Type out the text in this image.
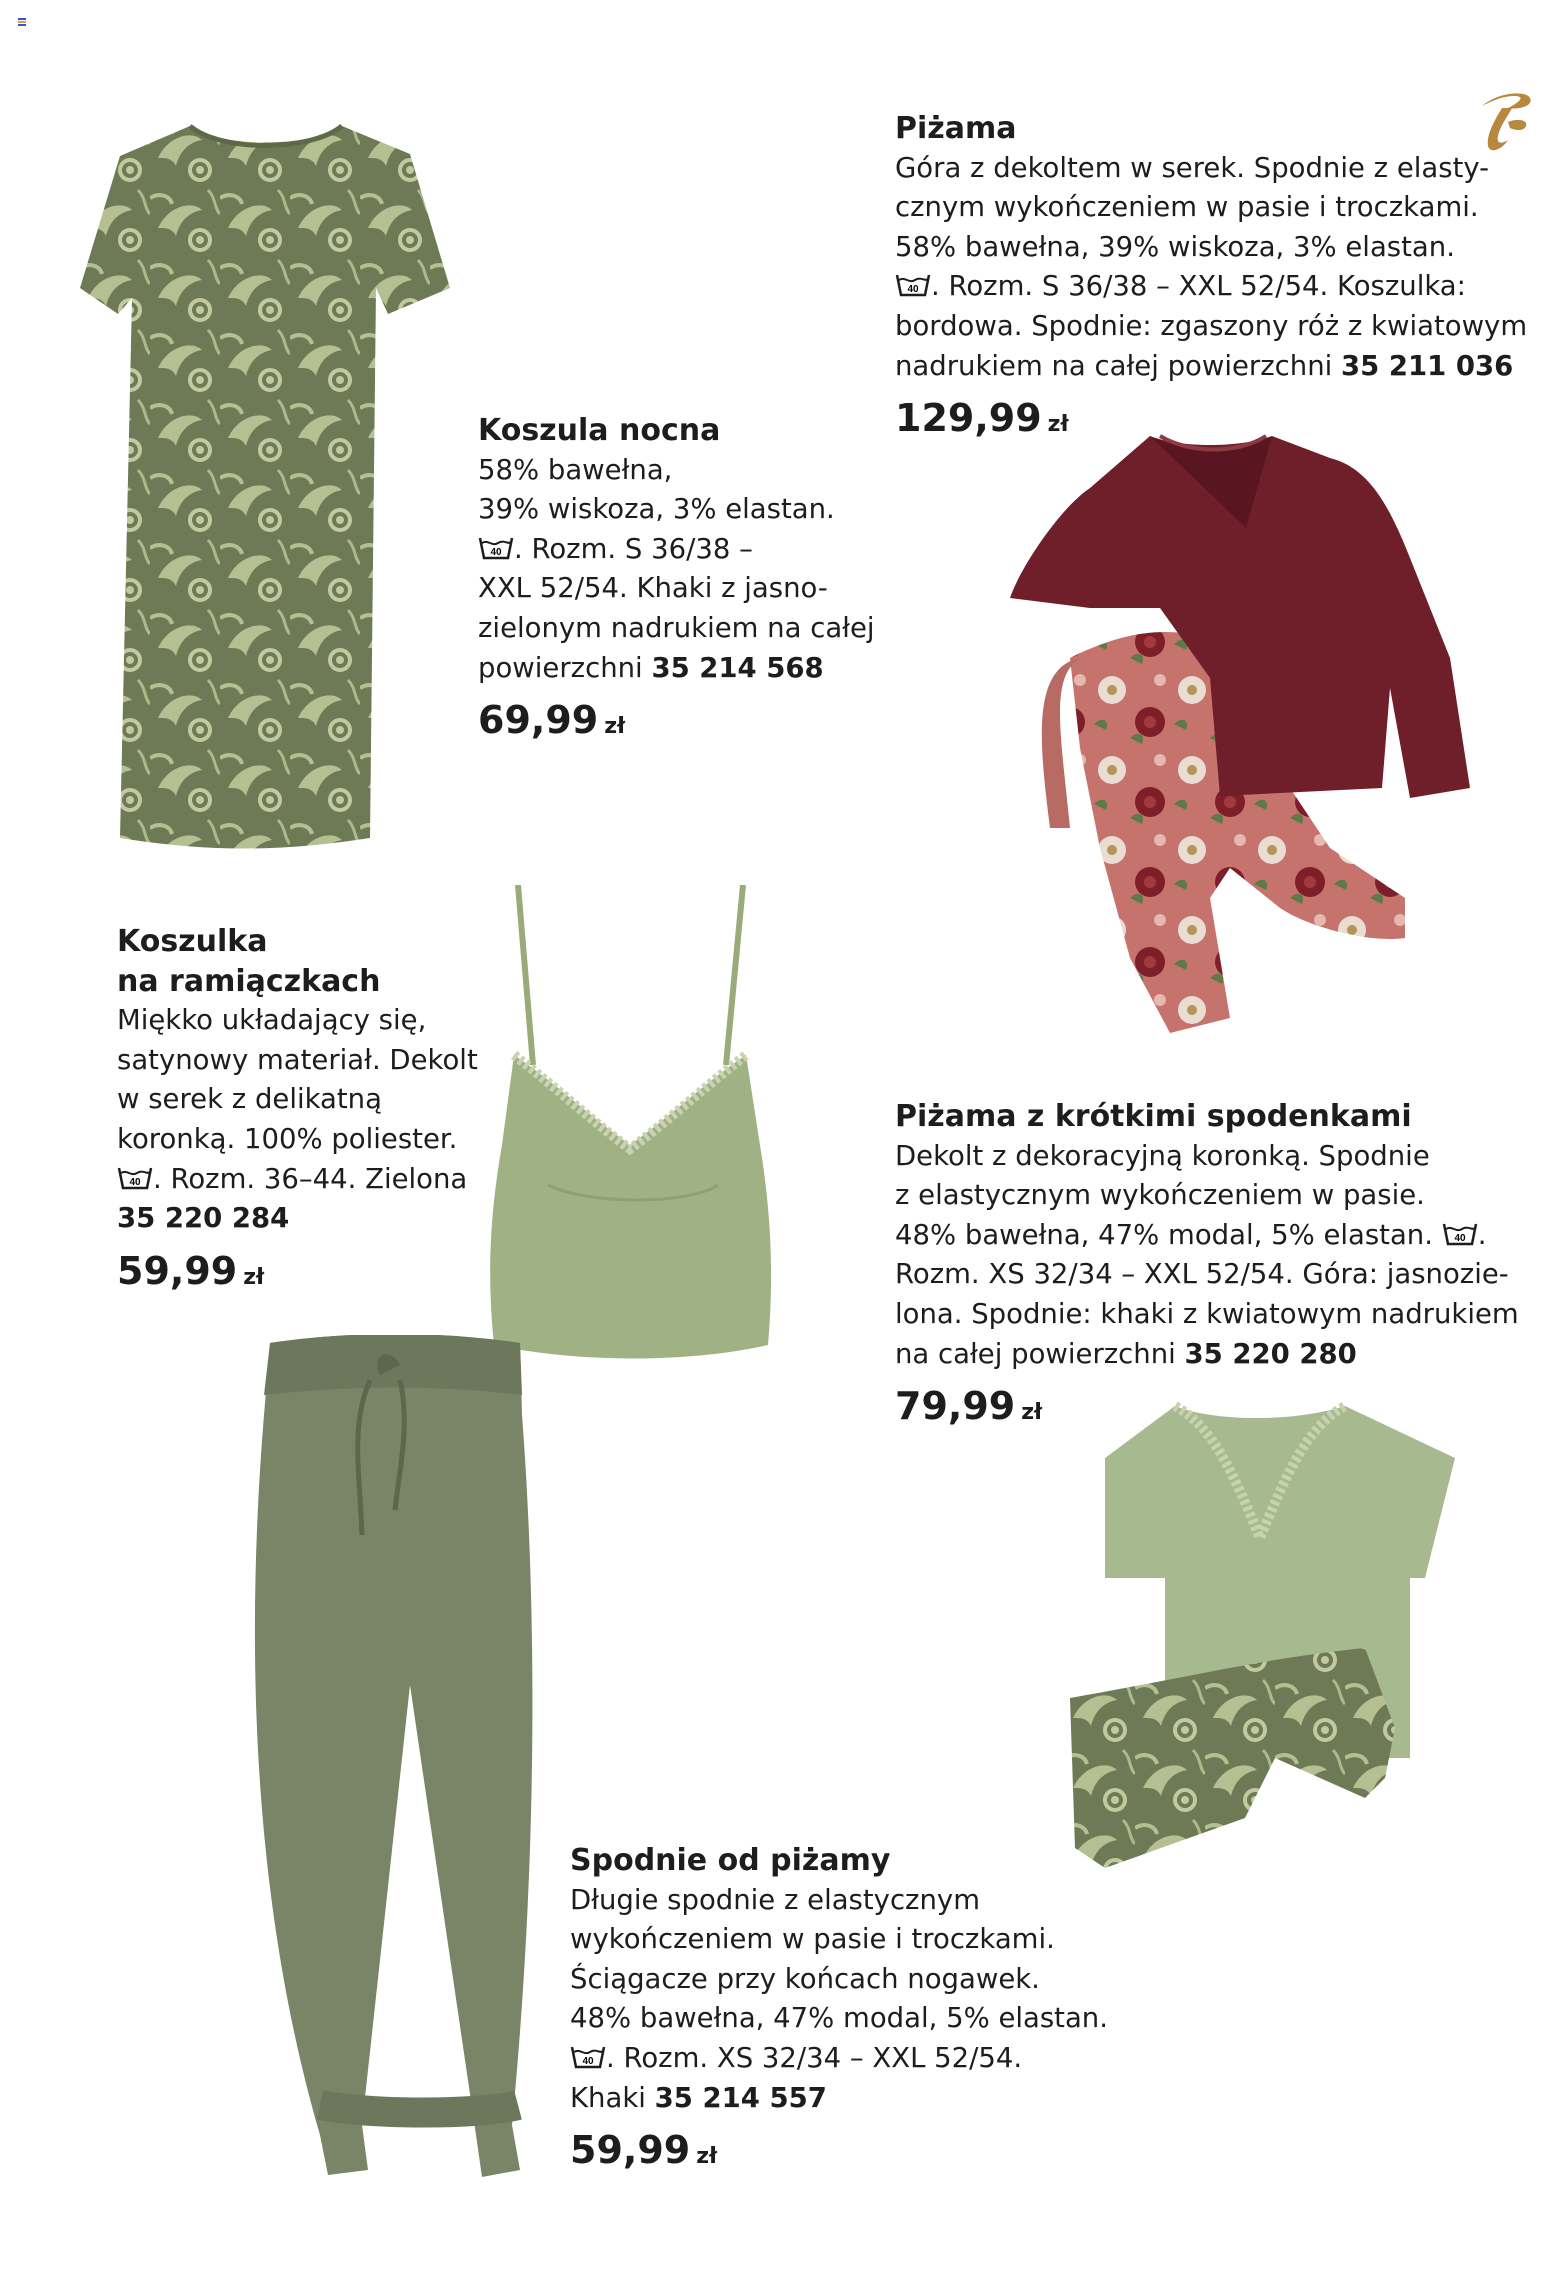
Koszula nocna
58% bawełna,
39% wiskoza, 3% elastan.
40 . Rozm. S 36/38 –
XXL 52/54. Khaki z jasno-
zielonym nadrukiem na całej
powierzchni 35 214 568
69,99 zł
Piżama
Góra z dekoltem w serek. Spodnie z elasty-
cznym wykończeniem w pasie i troczkami.
58% bawełna, 39% wiskoza, 3% elastan.
40 . Rozm. S 36/38 – XXL 52/54. Koszulka:
bordowa. Spodnie: zgaszony róż z kwiatowym
nadrukiem na całej powierzchni 35 211 036
129,99 zł
Koszulka
na ramiączkach
Miękko układający się,
satynowy materiał. Dekolt
w serek z delikatną
koronką. 100% poliester.
40 . Rozm. 36–44. Zielona
35 220 284
59,99 zł
Piżama z krótkimi spodenkami
Dekolt z dekoracyjną koronką. Spodnie
z elastycznym wykończeniem w pasie.
48% bawełna, 47% modal, 5% elastan. 40 .
Rozm. XS 32/34 – XXL 52/54. Góra: jasnozie-
lona. Spodnie: khaki z kwiatowym nadrukiem
na całej powierzchni 35 220 280
79,99 zł
Spodnie od piżamy
Długie spodnie z elastycznym
wykończeniem w pasie i troczkami.
Ściągacze przy końcach nogawek.
48% bawełna, 47% modal, 5% elastan.
40 . Rozm. XS 32/34 – XXL 52/54.
Khaki 35 214 557
59,99 zł
